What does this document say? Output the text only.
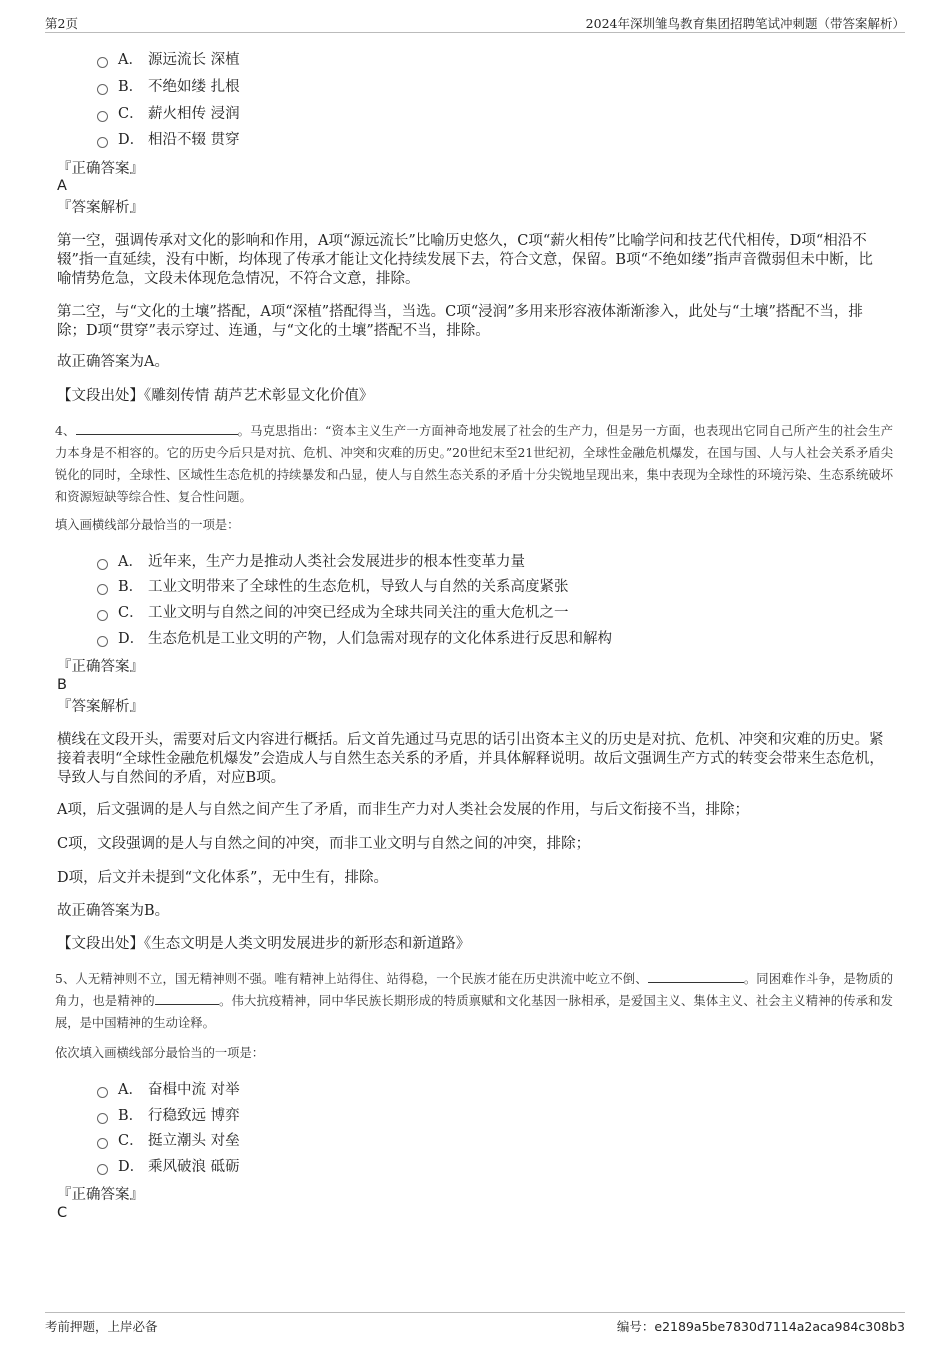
第2页	2024年深圳雏鸟教育集团招聘笔试冲刺题（带答案解析）
A． 源远流长 深植
B． 不绝如缕 扎根
C． 薪火相传 浸润
D． 相沿不辍 贯穿
『正确答案』
A
『答案解析』
第一空，强调传承对文化的影响和作用，A项“源远流长”比喻历史悠久，C项“薪火相传”比喻学问和技艺代代相传，D项“相沿不辍”指一直延续，没有中断，均体现了传承才能让文化持续发展下去，符合文意，保留。B项“不绝如缕”指声音微弱但未中断，比喻情势危急，文段未体现危急情况，不符合文意，排除。
第二空，与“文化的土壤”搭配，A项“深植”搭配得当，当选。C项“浸润”多用来形容液体渐渐渗入，此处与“土壤”搭配不当，排除；D项“贯穿”表示穿过、连通，与“文化的土壤”搭配不当，排除。
故正确答案为A。
【文段出处】《雕刻传情 葫芦艺术彰显文化价值》
4、	。马克思指出：“资本主义生产一方面神奇地发展了社会的生产力，但是另一方面，也表现出它同自己所产生的社会生产力本身是不相容的。它的历史今后只是对抗、危机、冲突和灾难的历史。”20世纪末至21世纪初，全球性金融危机爆发，在国与国、人与人社会关系矛盾尖锐化的同时，全球性、区域性生态危机的持续暴发和凸显，使人与自然生态关系的矛盾十分尖锐地呈现出来，集中表现为全球性的环境污染、生态系统破坏和资源短缺等综合性、复合性问题。
填入画横线部分最恰当的一项是：
A． 近年来，生产力是推动人类社会发展进步的根本性变革力量
B． 工业文明带来了全球性的生态危机，导致人与自然的关系高度紧张
C． 工业文明与自然之间的冲突已经成为全球共同关注的重大危机之一
D． 生态危机是工业文明的产物，人们急需对现存的文化体系进行反思和解构
『正确答案』
B
『答案解析』
横线在文段开头，需要对后文内容进行概括。后文首先通过马克思的话引出资本主义的历史是对抗、危机、冲突和灾难的历史。紧接着表明“全球性金融危机爆发”会造成人与自然生态关系的矛盾，并具体解释说明。故后文强调生产方式的转变会带来生态危机，导致人与自然间的矛盾，对应B项。
A项，后文强调的是人与自然之间产生了矛盾，而非生产力对人类社会发展的作用，与后文衔接不当，排除；
C项，文段强调的是人与自然之间的冲突，而非工业文明与自然之间的冲突，排除；
D项，后文并未提到“文化体系”，无中生有，排除。
故正确答案为B。
【文段出处】《生态文明是人类文明发展进步的新形态和新道路》
5、人无精神则不立，国无精神则不强。唯有精神上站得住、站得稳，一个民族才能在历史洪流中屹立不倒、	。同困难作斗争，是物质的角力，也是精神的	。伟大抗疫精神，同中华民族长期形成的特质禀赋和文化基因一脉相承，是爱国主义、集体主义、社会主义精神的传承和发展，是中国精神的生动诠释。
依次填入画横线部分最恰当的一项是：
A． 奋楫中流 对举
B． 行稳致远 博弈
C． 挺立潮头 对垒
D． 乘风破浪 砥砺
『正确答案』
C
考前押题，上岸必备	编号：e2189a5be7830d7114a2aca984c308b3
